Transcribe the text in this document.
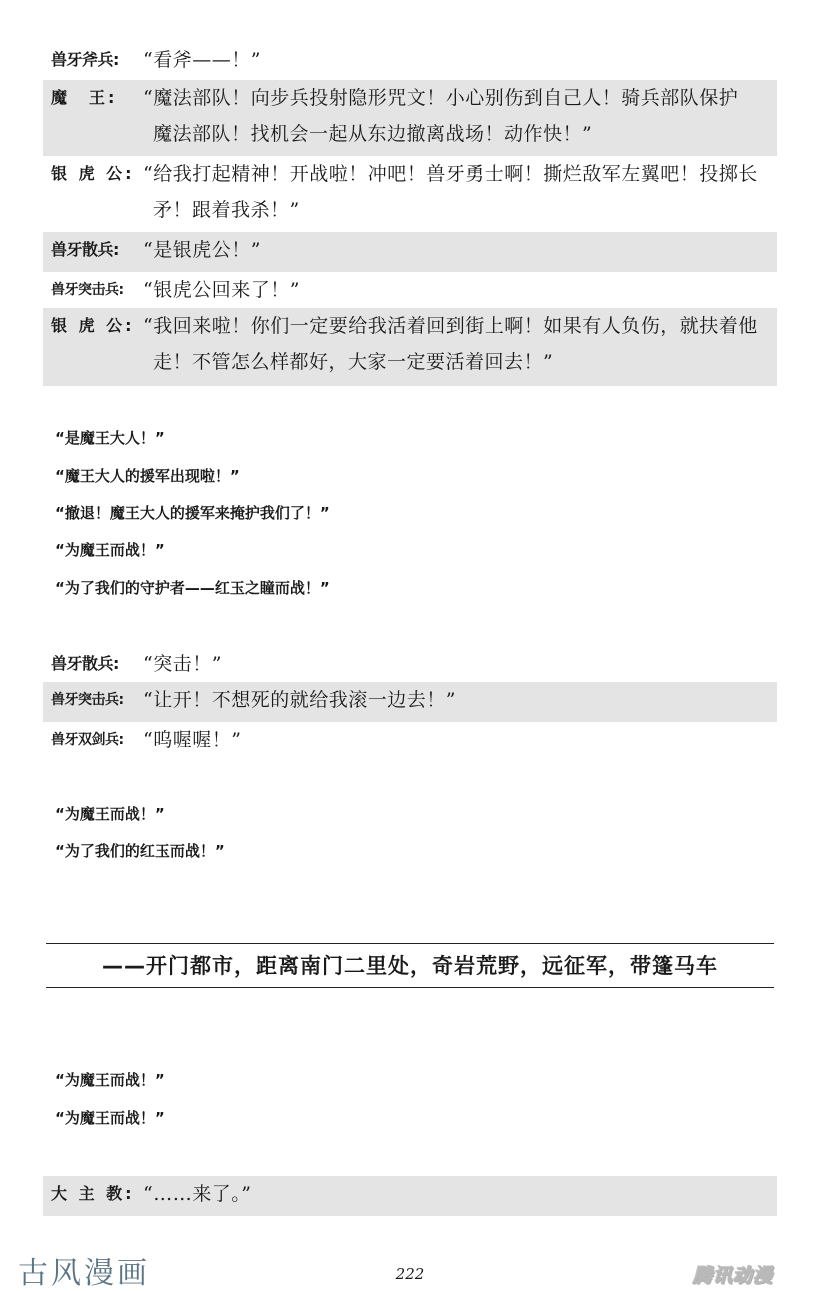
兽牙斧兵:	“看斧——！”
魔　王:	“魔法部队！向步兵投射隐形咒文！小心别伤到自己人！骑兵部队保护
魔法部队！找机会一起从东边撤离战场！动作快！”
银 虎 公: “给我打起精神！开战啦！冲吧！兽牙勇士啊！撕烂敌军左翼吧！投掷长
矛！跟着我杀！”
兽牙散兵:	“是银虎公！”
兽牙突击兵:	“银虎公回来了！”
银 虎 公: “我回来啦！你们一定要给我活着回到街上啊！如果有人负伤，就扶着他
走！不管怎么样都好，大家一定要活着回去！”
“是魔王大人！”
“魔王大人的援军出现啦！”
“撤退！魔王大人的援军来掩护我们了！”
“为魔王而战！”
“为了我们的守护者——红玉之瞳而战！”
兽牙散兵:	“突击！”
兽牙突击兵:	“让开！不想死的就给我滚一边去！”
兽牙双剑兵:	“呜喔喔！”
“为魔王而战！”
“为了我们的红玉而战！”
——开门都市，距离南门二里处，奇岩荒野，远征军，带篷马车
“为魔王而战！”
“为魔王而战！”
大 主 教: “……来了。”
古风漫画	222	腾讯动漫
